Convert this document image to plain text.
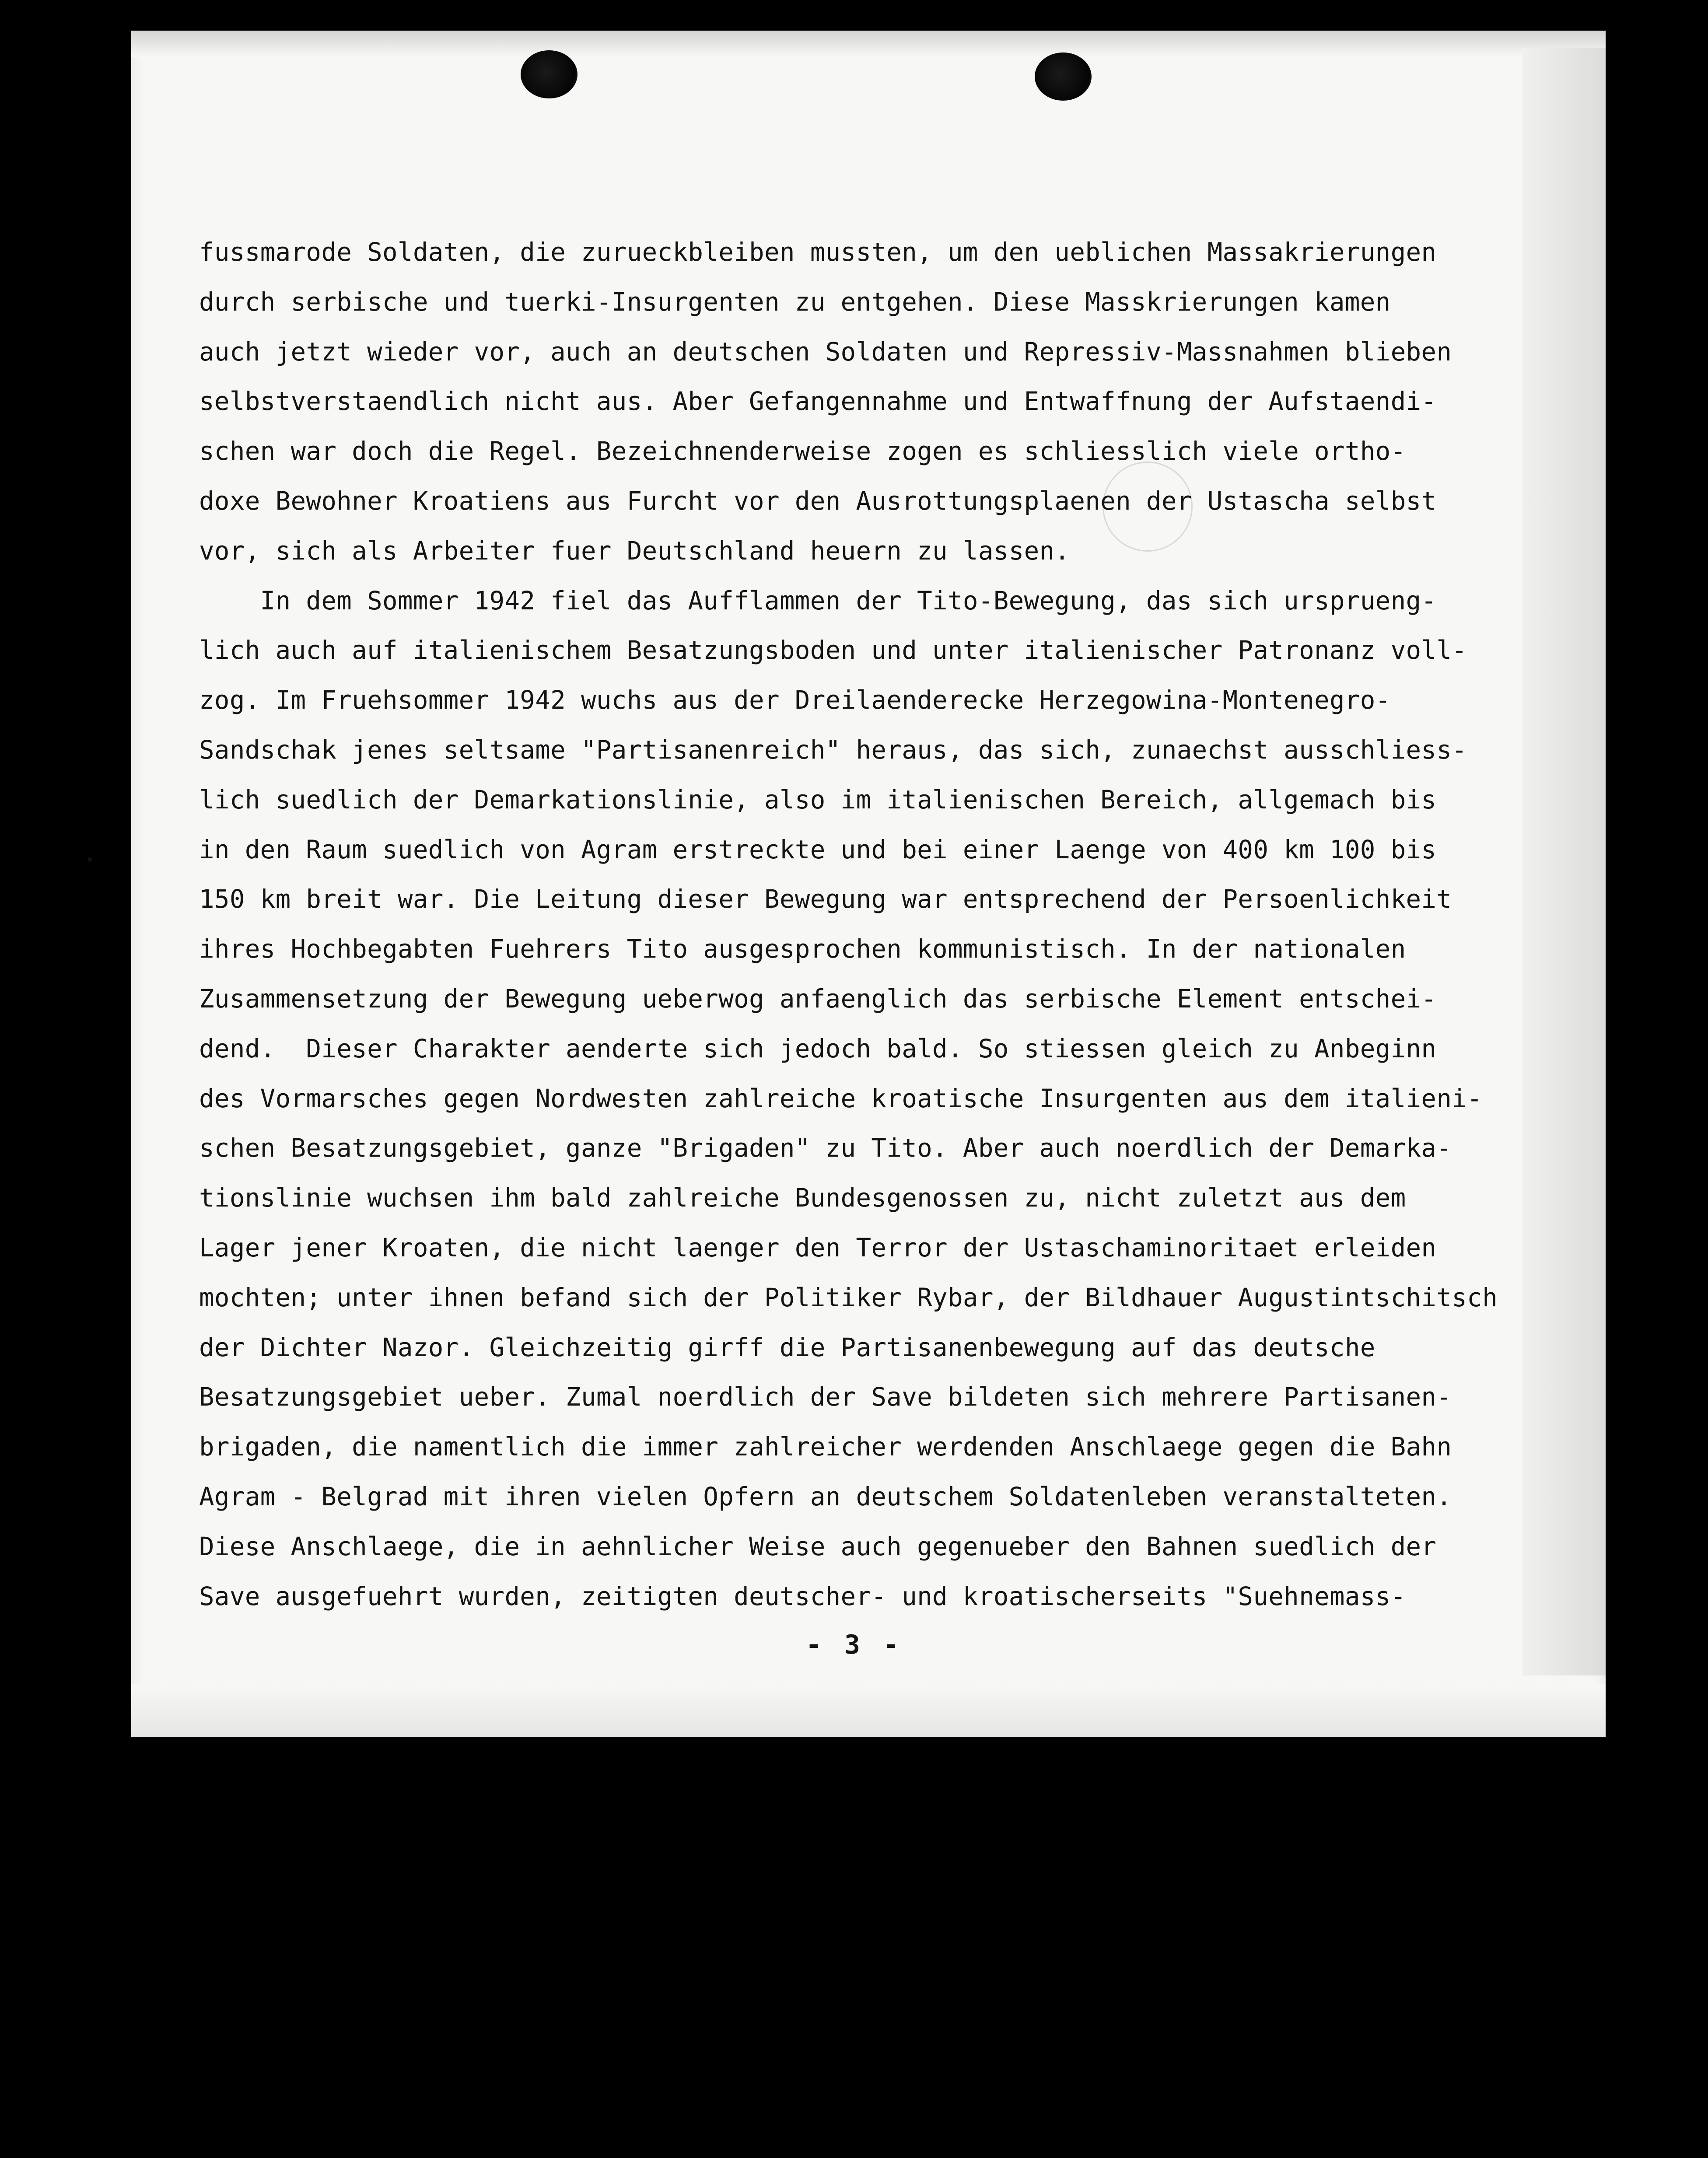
fussmarode Soldaten, die zurueckbleiben mussten, um den ueblichen Massakrierungen
durch serbische und tuerki-Insurgenten zu entgehen. Diese Masskrierungen kamen
auch jetzt wieder vor, auch an deutschen Soldaten und Repressiv-Massnahmen blieben
selbstverstaendlich nicht aus. Aber Gefangennahme und Entwaffnung der Aufstaendi-
schen war doch die Regel. Bezeichnenderweise zogen es schliesslich viele ortho-
doxe Bewohner Kroatiens aus Furcht vor den Ausrottungsplaenen der Ustascha selbst
vor, sich als Arbeiter fuer Deutschland heuern zu lassen.
In dem Sommer 1942 fiel das Aufflammen der Tito-Bewegung, das sich ursprueng-
lich auch auf italienischem Besatzungsboden und unter italienischer Patronanz voll-
zog. Im Fruehsommer 1942 wuchs aus der Dreilaenderecke Herzegowina-Montenegro-
Sandschak jenes seltsame "Partisanenreich" heraus, das sich, zunaechst ausschliess-
lich suedlich der Demarkationslinie, also im italienischen Bereich, allgemach bis
in den Raum suedlich von Agram erstreckte und bei einer Laenge von 400 km 100 bis
150 km breit war. Die Leitung dieser Bewegung war entsprechend der Persoenlichkeit
ihres Hochbegabten Fuehrers Tito ausgesprochen kommunistisch. In der nationalen
Zusammensetzung der Bewegung ueberwog anfaenglich das serbische Element entschei-
dend.  Dieser Charakter aenderte sich jedoch bald. So stiessen gleich zu Anbeginn
des Vormarsches gegen Nordwesten zahlreiche kroatische Insurgenten aus dem italieni-
schen Besatzungsgebiet, ganze "Brigaden" zu Tito. Aber auch noerdlich der Demarka-
tionslinie wuchsen ihm bald zahlreiche Bundesgenossen zu, nicht zuletzt aus dem
Lager jener Kroaten, die nicht laenger den Terror der Ustaschaminoritaet erleiden
mochten; unter ihnen befand sich der Politiker Rybar, der Bildhauer Augustintschitsch
der Dichter Nazor. Gleichzeitig girff die Partisanenbewegung auf das deutsche
Besatzungsgebiet ueber. Zumal noerdlich der Save bildeten sich mehrere Partisanen-
brigaden, die namentlich die immer zahlreicher werdenden Anschlaege gegen die Bahn
Agram - Belgrad mit ihren vielen Opfern an deutschem Soldatenleben veranstalteten.
Diese Anschlaege, die in aehnlicher Weise auch gegenueber den Bahnen suedlich der
Save ausgefuehrt wurden, zeitigten deutscher- und kroatischerseits "Suehnemass-
- 3 -
